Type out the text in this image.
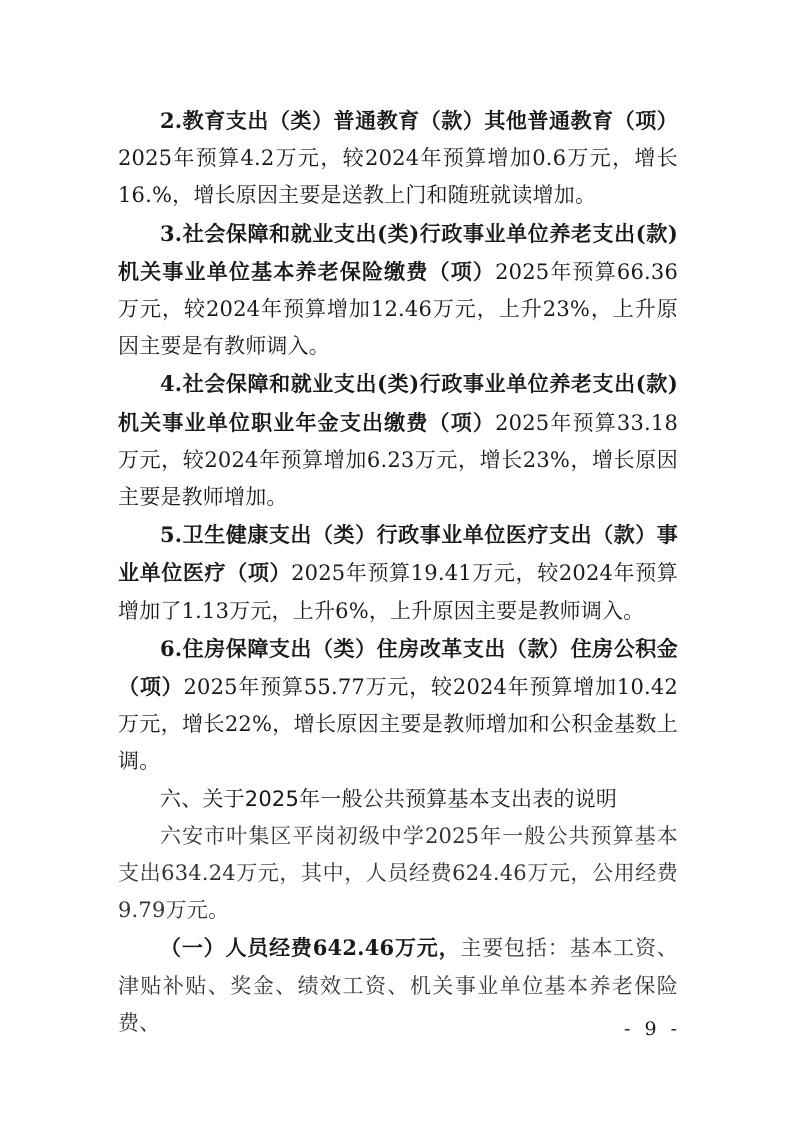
2.教育支出（类）普通教育（款）其他普通教育（项）2025年预算4.2万元，较2024年预算增加0.6万元，增长16.%，增长原因主要是送教上门和随班就读增加。

3.社会保障和就业支出(类)行政事业单位养老支出(款)机关事业单位基本养老保险缴费（项）2025年预算66.36万元，较2024年预算增加12.46万元，上升23%，上升原因主要是有教师调入。

4.社会保障和就业支出(类)行政事业单位养老支出(款)机关事业单位职业年金支出缴费（项）2025年预算33.18万元，较2024年预算增加6.23万元，增长23%，增长原因主要是教师增加。

5.卫生健康支出（类）行政事业单位医疗支出（款）事业单位医疗（项）2025年预算19.41万元，较2024年预算增加了1.13万元，上升6%，上升原因主要是教师调入。

6.住房保障支出（类）住房改革支出（款）住房公积金（项）2025年预算55.77万元，较2024年预算增加10.42万元，增长22%，增长原因主要是教师增加和公积金基数上调。

六、关于2025年一般公共预算基本支出表的说明

六安市叶集区平岗初级中学2025年一般公共预算基本支出634.24万元，其中，人员经费624.46万元，公用经费9.79万元。

（一）人员经费642.46万元，主要包括：基本工资、津贴补贴、奖金、绩效工资、机关事业单位基本养老保险费、	- 9 -
